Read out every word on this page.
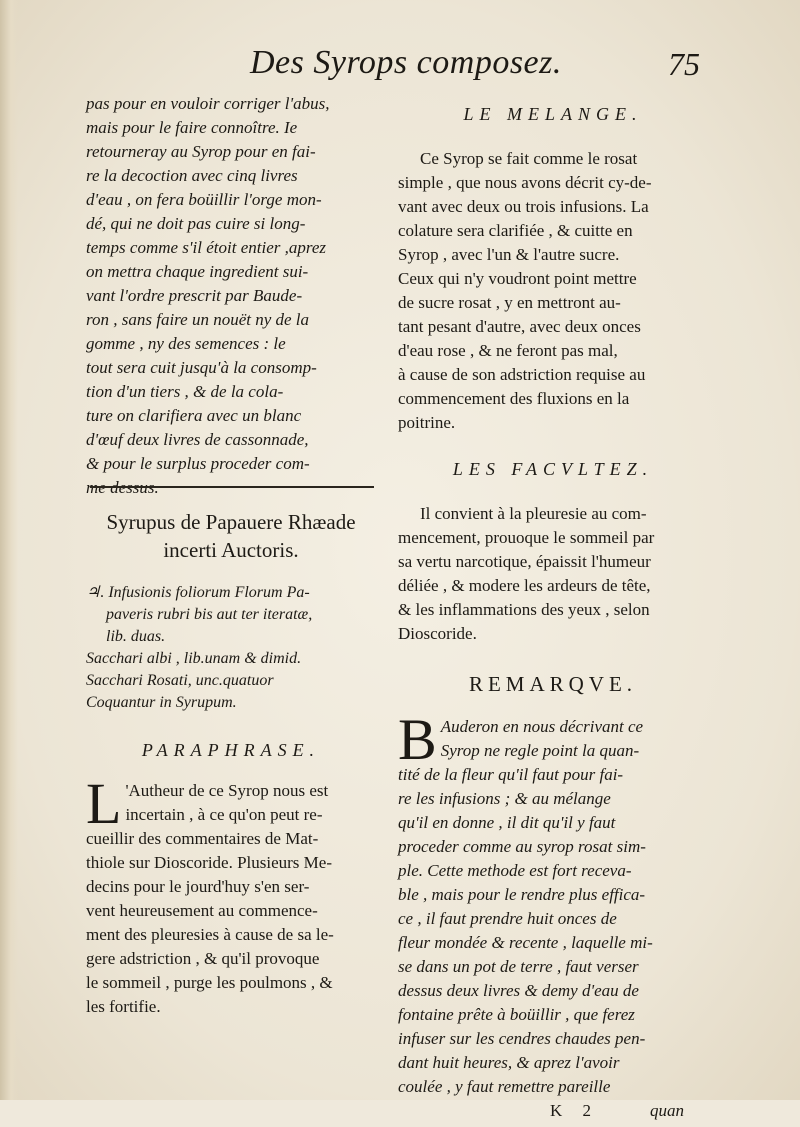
Des Syrops composez.	75

pas pour en vouloir corriger l'abus,

mais pour le faire connoître. Ie

retourneray au Syrop pour en fai-

re la decoction avec cinq livres

d'eau , on fera boüillir l'orge mon-

dé, qui ne doit pas cuire si long-

temps comme s'il étoit entier ,aprez

on mettra chaque ingredient sui-

vant l'ordre prescrit par Baude-

ron , sans faire un nouët ny de la

gomme , ny des semences : le

tout sera cuit jusqu'à la consomp-

tion d'un tiers , & de la cola-

ture on clarifiera avec un blanc

d'œuf deux livres de cassonnade,

& pour le surplus proceder com-

me dessus.

Syrupus de Papauere Rhæade

incerti Auctoris.

♃. Infusionis foliorum Florum Pa-

paveris rubri bis aut ter iteratæ,

lib. duas.

Sacchari albi , lib.unam & dimid.

Sacchari Rosati, unc.quatuor

Coquantur in Syrupum.

PARAPHRASE.

L 'Autheur de ce Syrop nous est

incertain , à ce qu'on peut re-

cueillir des commentaires de Mat-

thiole sur Dioscoride. Plusieurs Me-

decins pour le jourd'huy s'en ser-

vent heureusement au commence-

ment des pleuresies à cause de sa le-

gere adstriction , & qu'il provoque

le sommeil , purge les poulmons , &

les fortifie.

LE MELANGE.

Ce Syrop se fait comme le rosat

simple , que nous avons décrit cy-de-

vant avec deux ou trois infusions. La

colature sera clarifiée , & cuitte en

Syrop , avec l'un & l'autre sucre.

Ceux qui n'y voudront point mettre

de sucre rosat , y en mettront au-

tant pesant d'autre, avec deux onces

d'eau rose , & ne feront pas mal,

à cause de son adstriction requise au

commencement des fluxions en la

poitrine.

LES FACVLTEZ.

Il convient à la pleuresie au com-

mencement, prouoque le sommeil par

sa vertu narcotique, épaissit l'humeur

déliée , & modere les ardeurs de tête,

& les inflammations des yeux , selon

Dioscoride.

REMARQVE.

B Auderon en nous décrivant ce

Syrop ne regle point la quan-

tité de la fleur qu'il faut pour fai-

re les infusions ; & au mélange

qu'il en donne , il dit qu'il y faut

proceder comme au syrop rosat sim-

ple. Cette methode est fort receva-

ble , mais pour le rendre plus effica-

ce , il faut prendre huit onces de

fleur mondée & recente , laquelle mi-

se dans un pot de terre , faut verser

dessus deux livres & demy d'eau de

fontaine prête à boüillir , que ferez

infuser sur les cendres chaudes pen-

dant huit heures, & aprez l'avoir

coulée , y faut remettre pareille

K 2	quan
